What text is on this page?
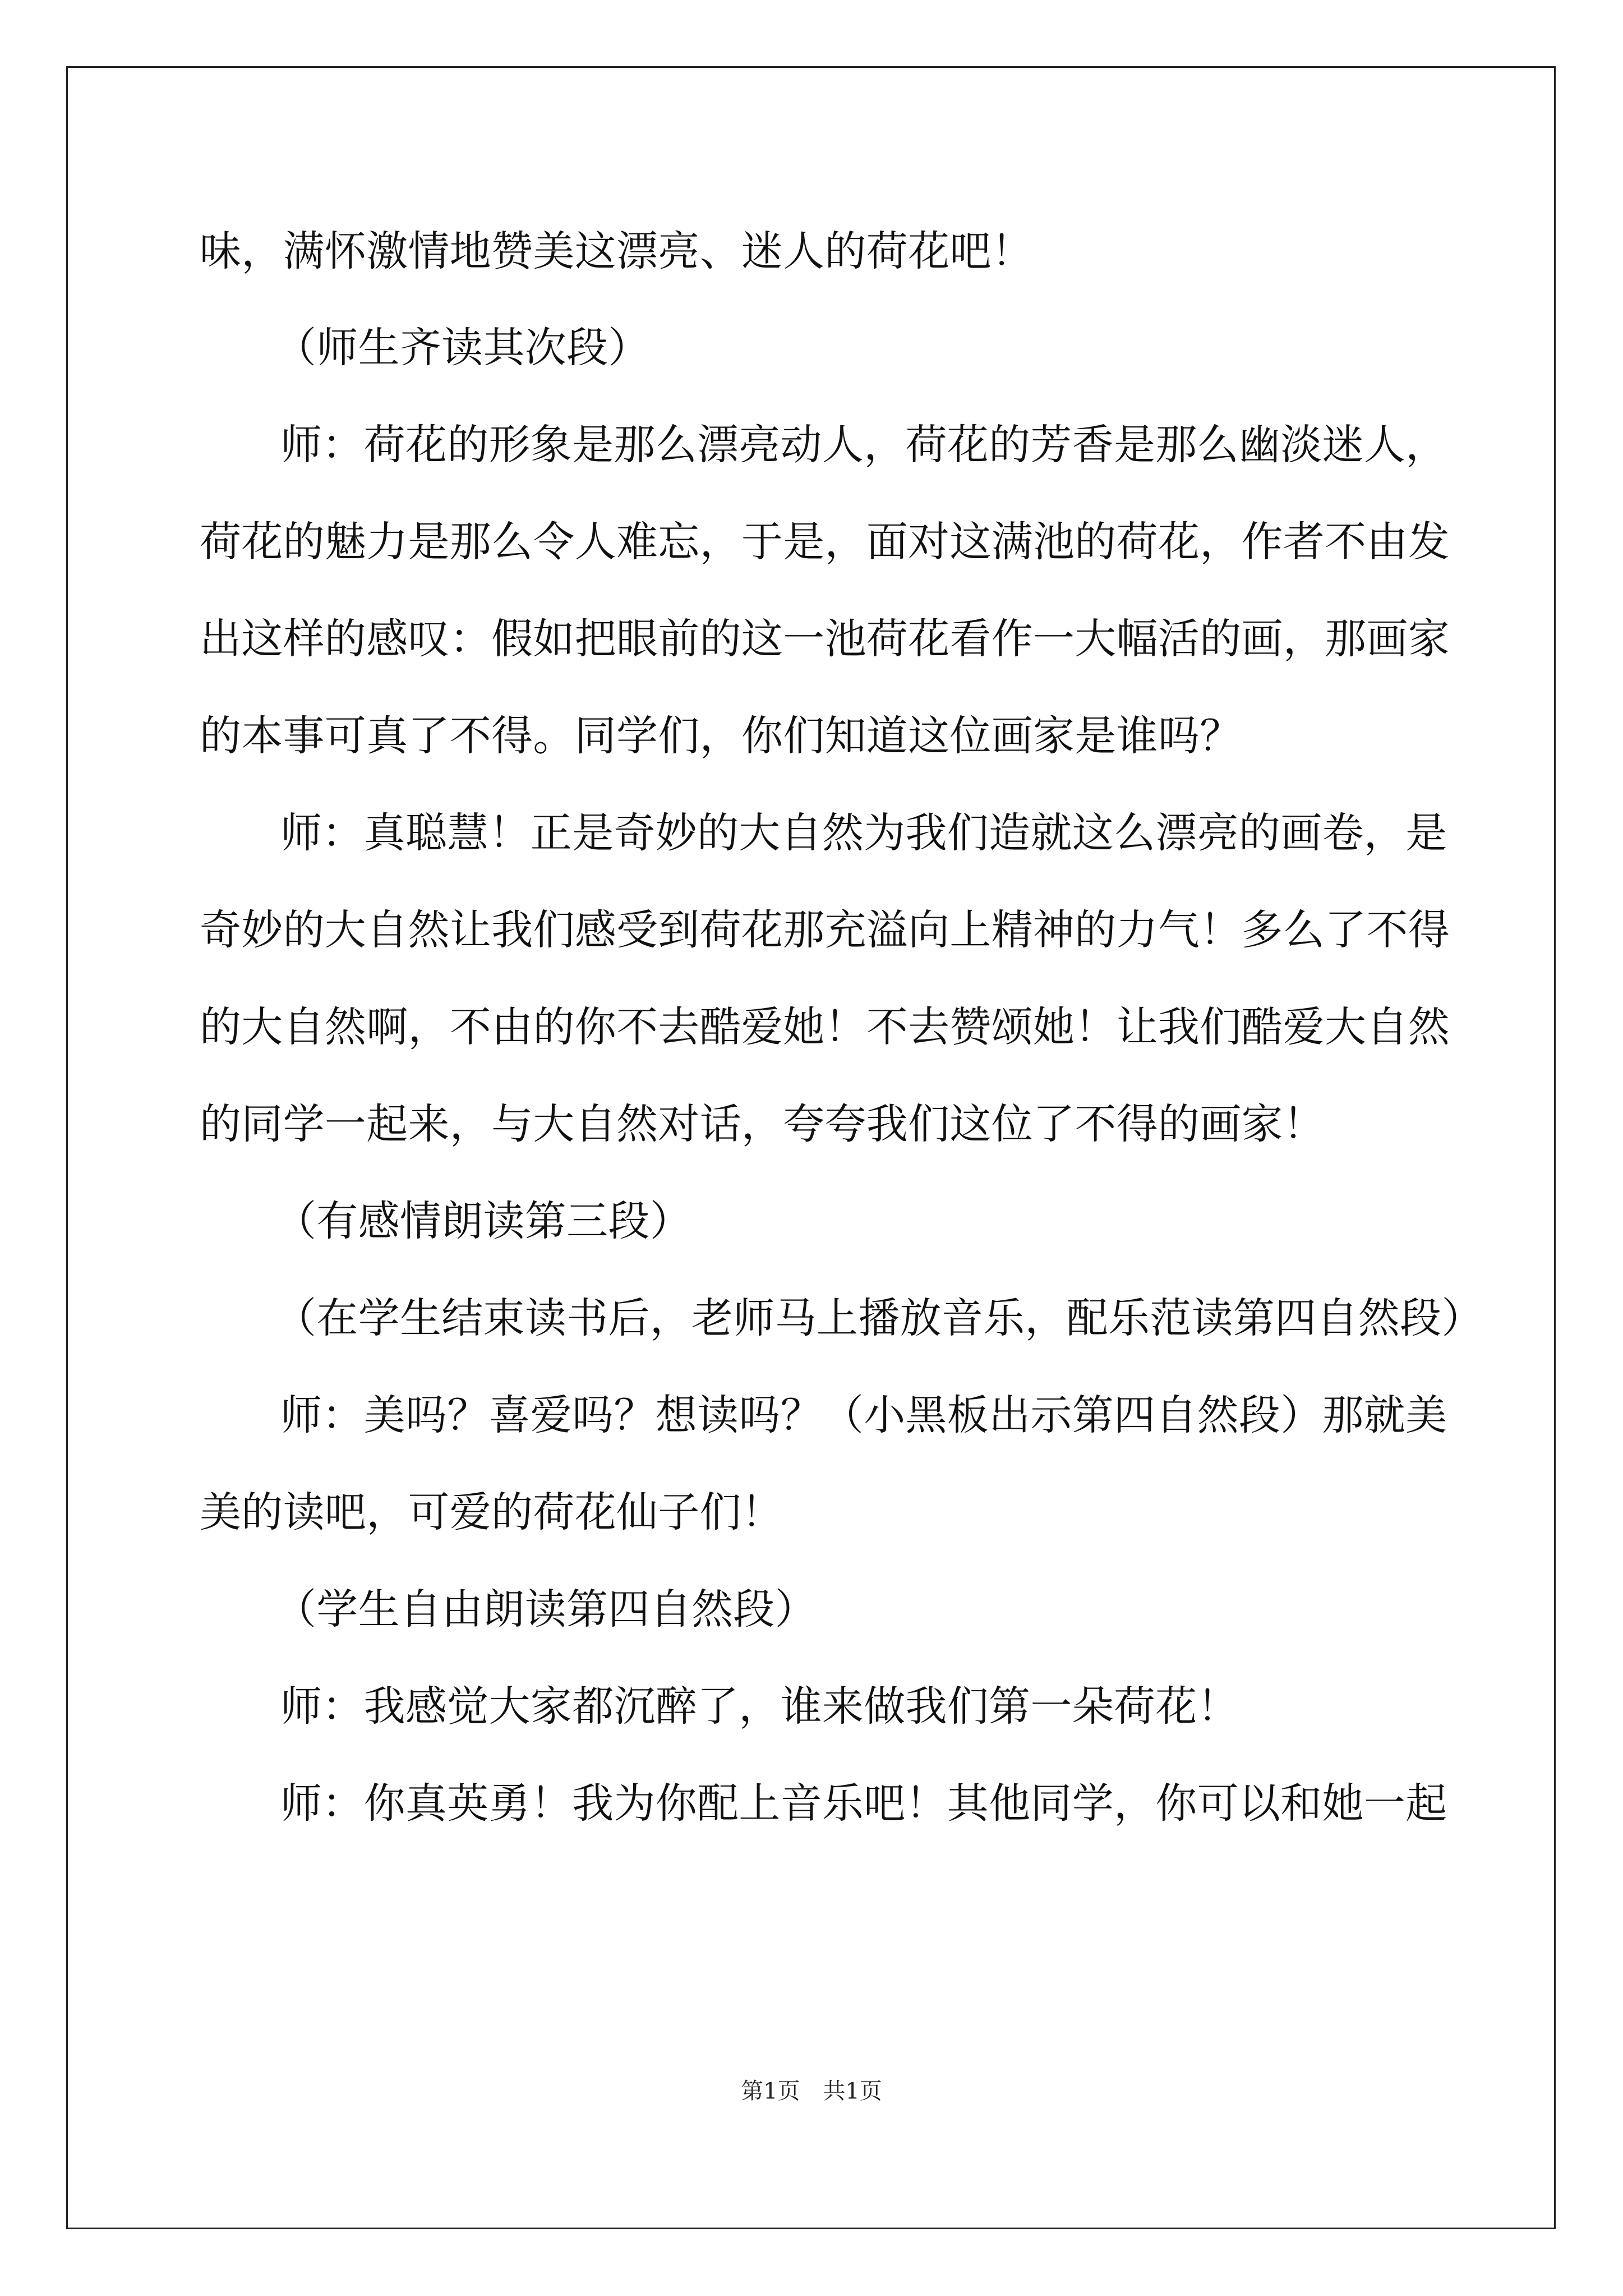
味，满怀激情地赞美这漂亮、迷人的荷花吧！
（师生齐读其次段）
师：荷花的形象是那么漂亮动人，荷花的芳香是那么幽淡迷人，
荷花的魅力是那么令人难忘，于是，面对这满池的荷花，作者不由发
出这样的感叹：假如把眼前的这一池荷花看作一大幅活的画，那画家
的本事可真了不得。同学们，你们知道这位画家是谁吗？
师：真聪慧！正是奇妙的大自然为我们造就这么漂亮的画卷，是
奇妙的大自然让我们感受到荷花那充溢向上精神的力气！多么了不得
的大自然啊，不由的你不去酷爱她！不去赞颂她！让我们酷爱大自然
的同学一起来，与大自然对话，夸夸我们这位了不得的画家！
（有感情朗读第三段）
（在学生结束读书后，老师马上播放音乐，配乐范读第四自然段）
师：美吗？喜爱吗？想读吗？（小黑板出示第四自然段）那就美
美的读吧，可爱的荷花仙子们！
（学生自由朗读第四自然段）
师：我感觉大家都沉醉了，谁来做我们第一朵荷花！
师：你真英勇！我为你配上音乐吧！其他同学，你可以和她一起
第1页 共1页
